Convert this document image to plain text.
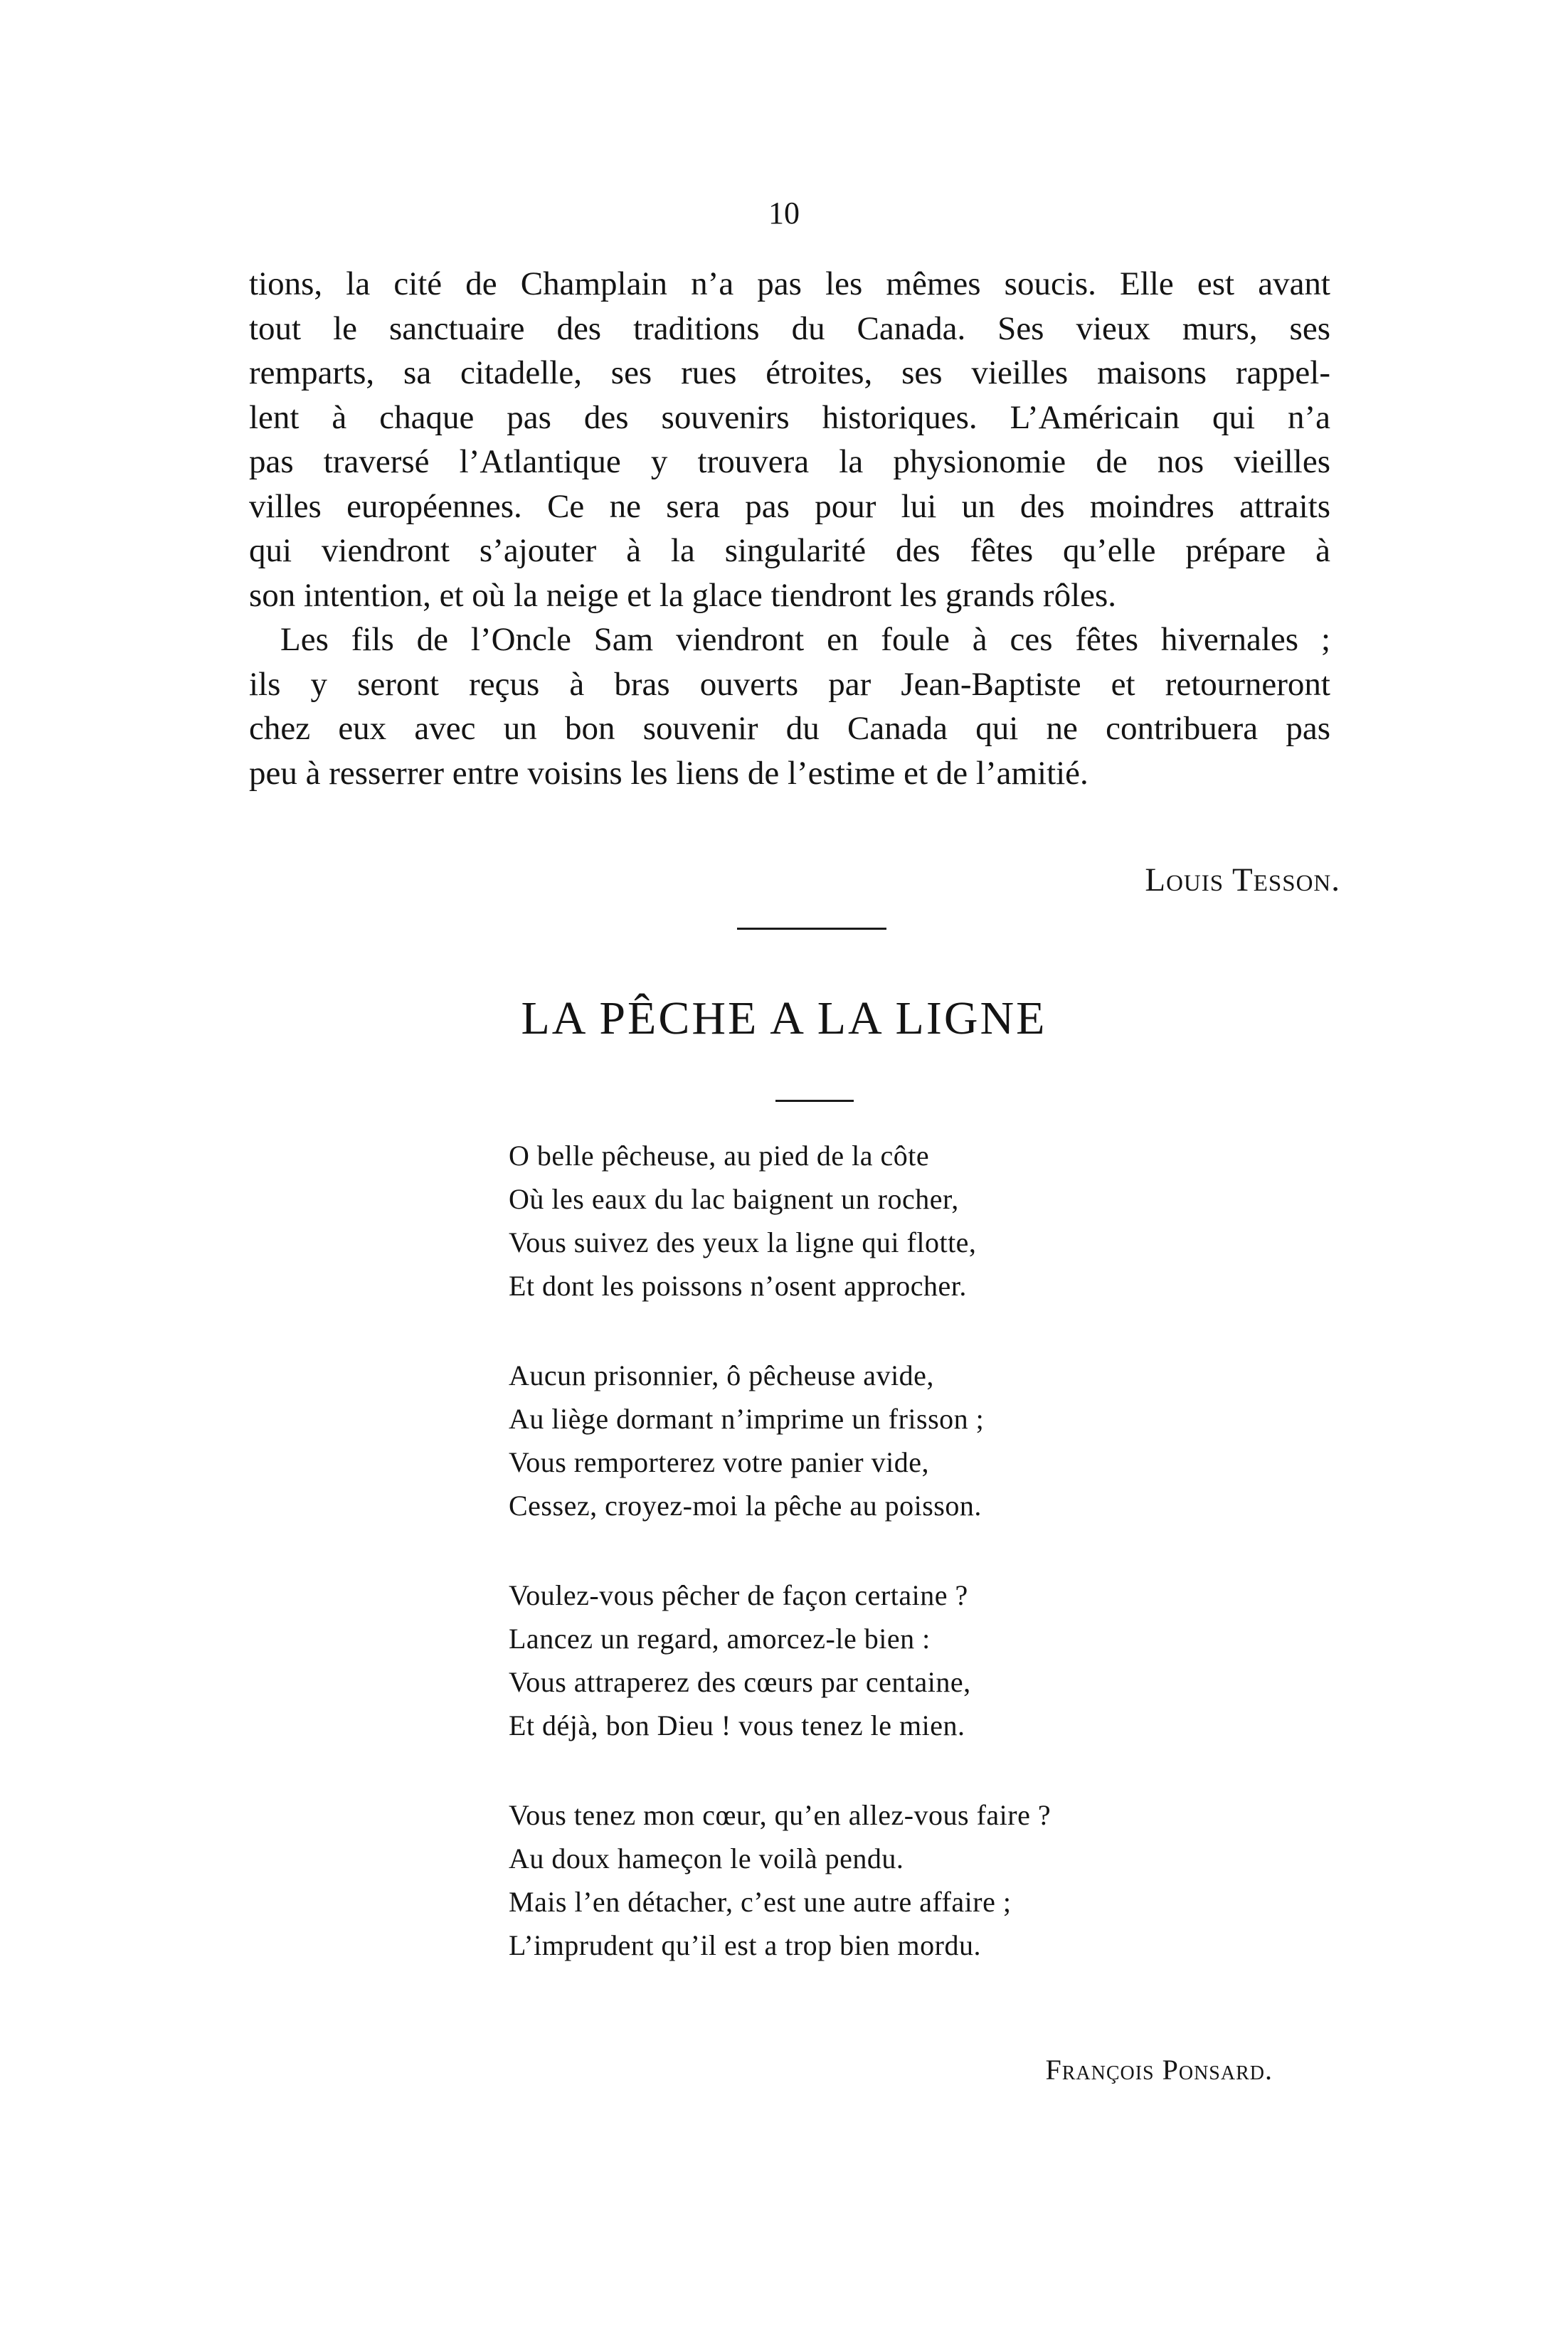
10
tions, la cité de Champlain n’a pas les mêmes soucis. Elle est avant
tout le sanctuaire des traditions du Canada. Ses vieux murs, ses
remparts, sa citadelle, ses rues étroites, ses vieilles maisons rappel-
lent à chaque pas des souvenirs historiques. L’Américain qui n’a
pas traversé l’Atlantique y trouvera la physionomie de nos vieilles
villes européennes. Ce ne sera pas pour lui un des moindres attraits
qui viendront s’ajouter à la singularité des fêtes qu’elle prépare à
son intention, et où la neige et la glace tiendront les grands rôles.
Les fils de l’Oncle Sam viendront en foule à ces fêtes hivernales ;
ils y seront reçus à bras ouverts par Jean-Baptiste et retourneront
chez eux avec un bon souvenir du Canada qui ne contribuera pas
peu à resserrer entre voisins les liens de l’estime et de l’amitié.
Louis Tesson.
LA PÊCHE A LA LIGNE
O belle pêcheuse, au pied de la côte
Où les eaux du lac baignent un rocher,
Vous suivez des yeux la ligne qui flotte,
Et dont les poissons n’osent approcher.
Aucun prisonnier, ô pêcheuse avide,
Au liège dormant n’imprime un frisson ;
Vous remporterez votre panier vide,
Cessez, croyez-moi la pêche au poisson.
Voulez-vous pêcher de façon certaine ?
Lancez un regard, amorcez-le bien :
Vous attraperez des cœurs par centaine,
Et déjà, bon Dieu ! vous tenez le mien.
Vous tenez mon cœur, qu’en allez-vous faire ?
Au doux hameçon le voilà pendu.
Mais l’en détacher, c’est une autre affaire ;
L’imprudent qu’il est a trop bien mordu.
François Ponsard.
